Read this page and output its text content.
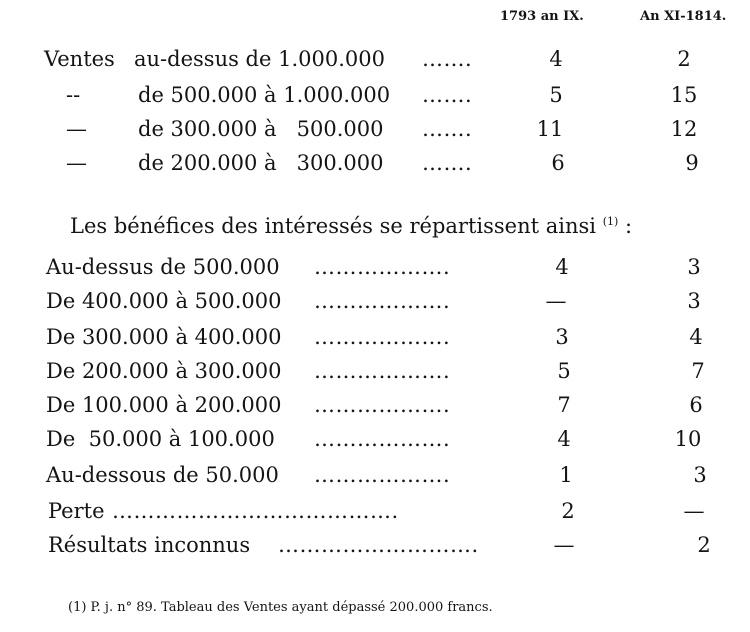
1793 an IX.	An XI-1814.
Ventes au-dessus de 1.000.000 …….	4	2
--	de 500.000 à 1.000.000 …….	5	15
— de 300.000 à   500.000 …….	11	12
— de 200.000 à   300.000 …….	6	9
Les bénéfices des intéressés se répartissent ainsi $^{(1)}$ :
Au-dessus de 500.000 ……………….	4	3
De 400.000 à 500.000 ……………….	—	3
De 300.000 à 400.000 ……………….	3	4
De 200.000 à 300.000 ……………….	5	7
De 100.000 à 200.000 ……………….	7	6
De  50.000 à 100.000 ……………….	4	10
Au-dessous de 50.000 ……………….	1	3
Perte ………………………………….	2	—
Résultats inconnus ……………………….	—	2
(1) P. j. n° 89. Tableau des Ventes ayant dépassé 200.000 francs.
